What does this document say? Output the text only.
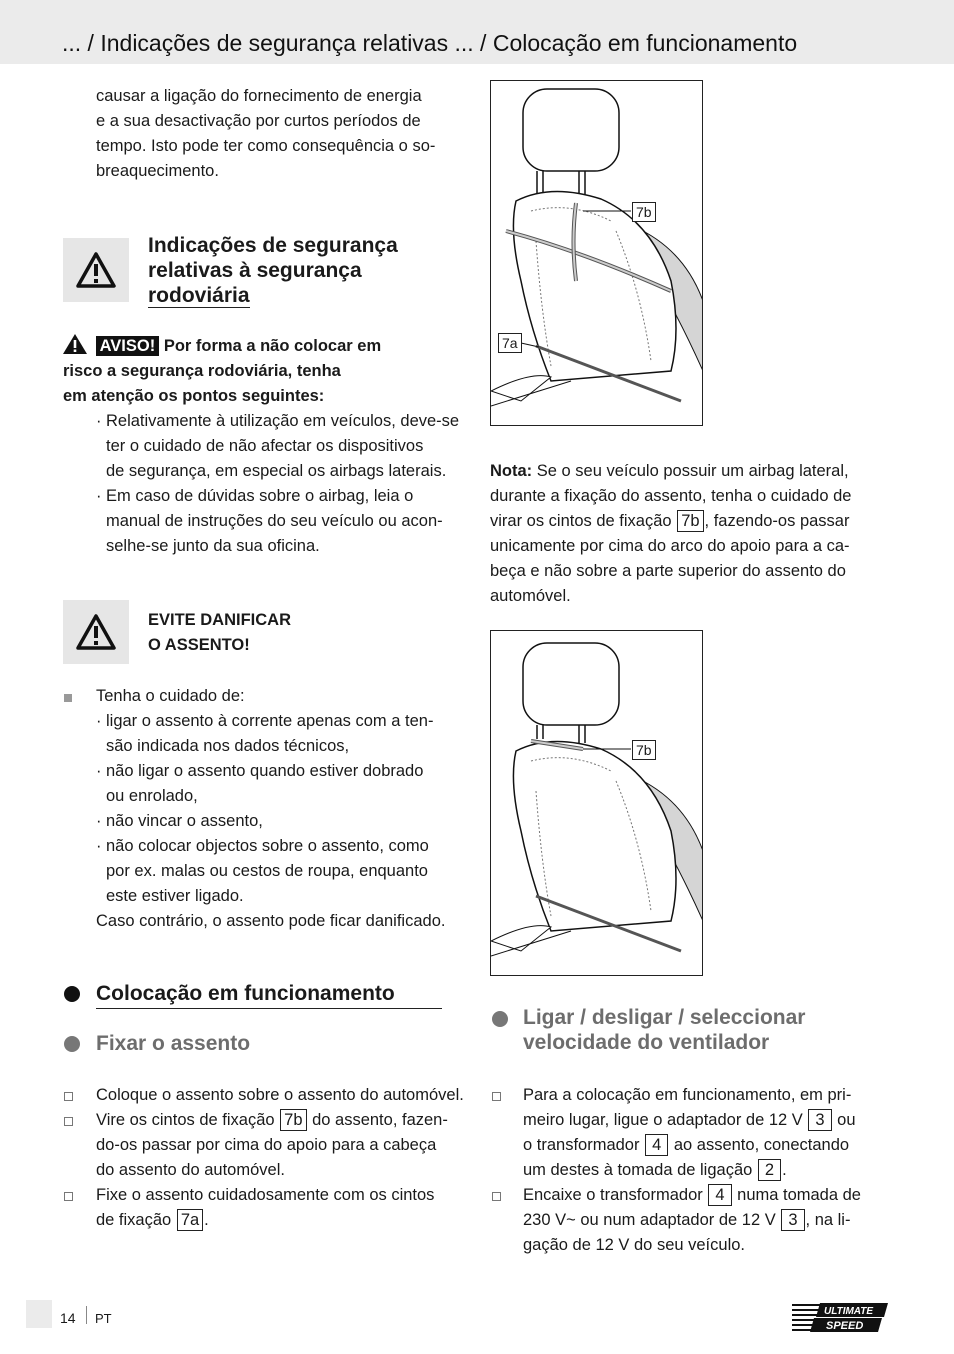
... / Indicações de segurança relativas ... / Colocação em funcionamento
causar a ligação do fornecimento de energia
e a sua desactivação por curtos períodos de
tempo. Isto pode ter como consequência o so-
breaquecimento.
Indicações de segurança
relativas à segurança
rodoviária
AVISO! Por forma a não colocar em
risco a segurança rodoviária, tenha
em atenção os pontos seguintes:
· Relativamente à utilização em veículos, deve-se
ter o cuidado de não afectar os dispositivos
de segurança, em especial os airbags laterais.
· Em caso de dúvidas sobre o airbag, leia o
manual de instruções do seu veículo ou acon-
selhe-se junto da sua oficina.
EVITE DANIFICAR
O ASSENTO!
Tenha o cuidado de:
· ligar o assento à corrente apenas com a ten-
são indicada nos dados técnicos,
· não ligar o assento quando estiver dobrado
ou enrolado,
· não vincar o assento,
· não colocar objectos sobre o assento, como
por ex. malas ou cestos de roupa, enquanto
este estiver ligado.
Caso contrário, o assento pode ficar danificado.
Colocação em funcionamento
Fixar o assento
Coloque o assento sobre o assento do automóvel.
Vire os cintos de fixação 7b do assento, fazen-
do-os passar por cima do apoio para a cabeça
do assento do automóvel.
Fixe o assento cuidadosamente com os cintos
de fixação 7a .
7b
7a
Nota: Se o seu veículo possuir um airbag lateral,
durante a fixação do assento, tenha o cuidado de
virar os cintos de fixação 7b , fazendo-os passar
unicamente por cima do arco do apoio para a ca-
beça e não sobre a parte superior do assento do
automóvel.
7b
Ligar / desligar / seleccionar
velocidade do ventilador
Para a colocação em funcionamento, em pri-
meiro lugar, ligue o adaptador de 12 V 3 ou
o transformador 4 ao assento, conectando
um destes à tomada de ligação 2 .
Encaixe o transformador 4 numa tomada de
230 V~ ou num adaptador de 12 V 3 , na li-
gação de 12 V do seu veículo.
14 PT	ULTIMATE
SPEED
